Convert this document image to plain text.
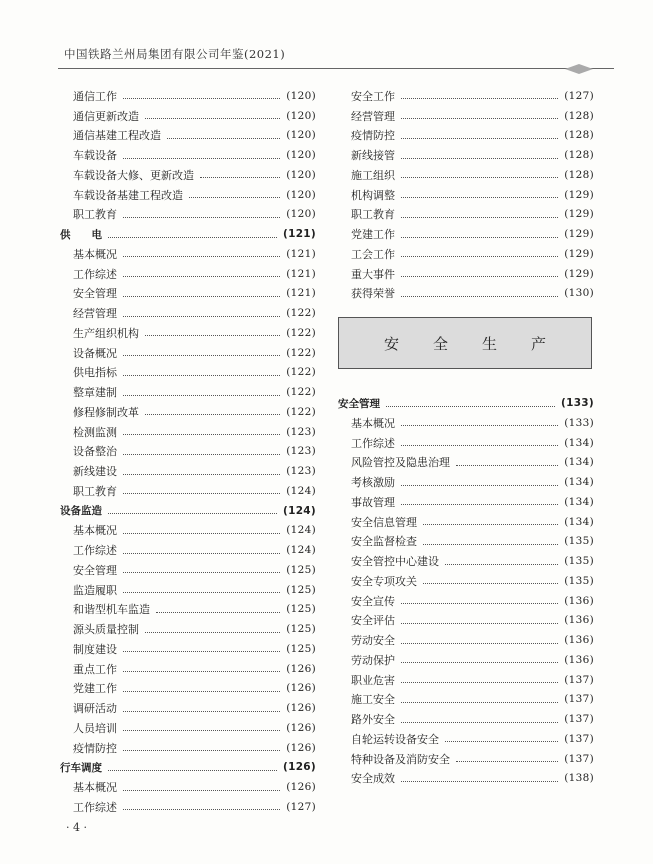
中国铁路兰州局集团有限公司年鉴(2021)
通信工作	(120)
通信更新改造	(120)
通信基建工程改造	(120)
车载设备	(120)
车载设备大修、更新改造	(120)
车载设备基建工程改造	(120)
职工教育	(120)
供　　电	(121)
基本概况	(121)
工作综述	(121)
安全管理	(121)
经营管理	(122)
生产组织机构	(122)
设备概况	(122)
供电指标	(122)
整章建制	(122)
修程修制改革	(122)
检测监测	(123)
设备整治	(123)
新线建设	(123)
职工教育	(124)
设备监造	(124)
基本概况	(124)
工作综述	(124)
安全管理	(125)
监造履职	(125)
和谐型机车监造	(125)
源头质量控制	(125)
制度建设	(125)
重点工作	(126)
党建工作	(126)
调研活动	(126)
人员培训	(126)
疫情防控	(126)
行车调度	(126)
基本概况	(126)
工作综述	(127)
安全工作	(127)
经营管理	(128)
疫情防控	(128)
新线接管	(128)
施工组织	(128)
机构调整	(129)
职工教育	(129)
党建工作	(129)
工会工作	(129)
重大事件	(129)
获得荣誉	(130)
安全生产
安全管理	(133)
基本概况	(133)
工作综述	(134)
风险管控及隐患治理	(134)
考核激励	(134)
事故管理	(134)
安全信息管理	(134)
安全监督检查	(135)
安全管控中心建设	(135)
安全专项攻关	(135)
安全宣传	(136)
安全评估	(136)
劳动安全	(136)
劳动保护	(136)
职业危害	(137)
施工安全	(137)
路外安全	(137)
自轮运转设备安全	(137)
特种设备及消防安全	(137)
安全成效	(138)
· 4 ·
